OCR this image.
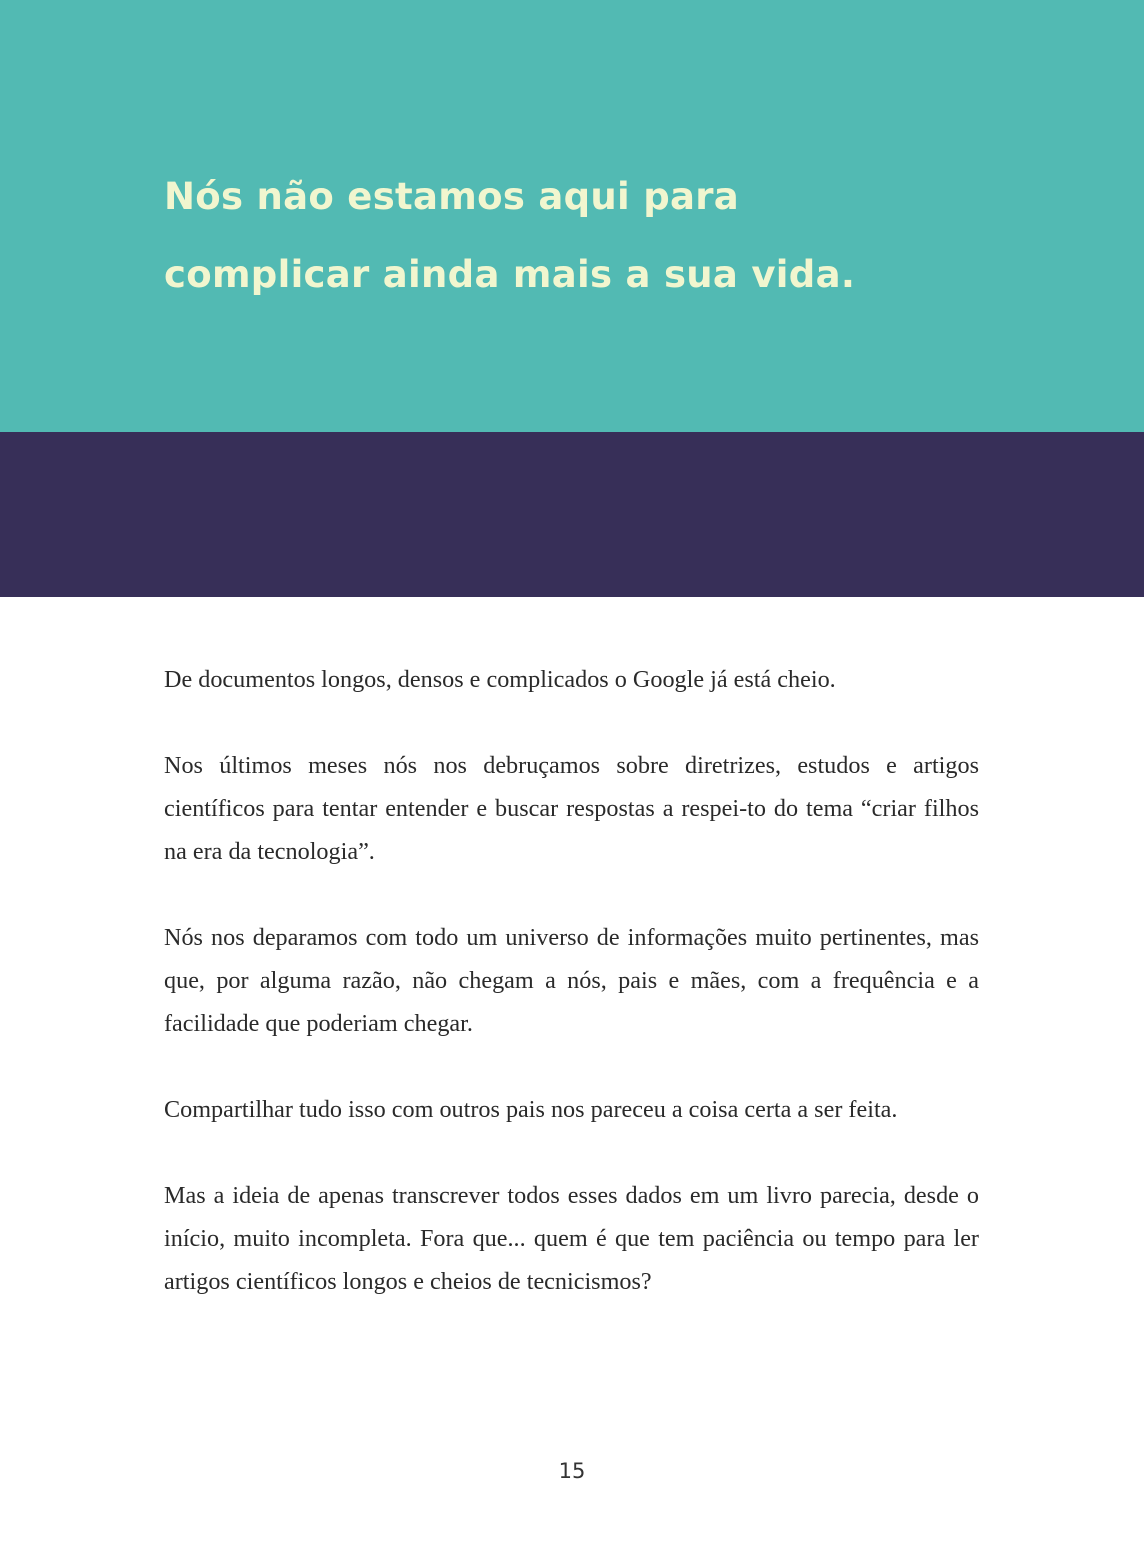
Nós não estamos aqui para
complicar ainda mais a sua vida.

De documentos longos, densos e complicados o Google já está cheio.

Nos últimos meses nós nos debruçamos sobre diretrizes, estudos e artigos científicos para tentar entender e buscar respostas a respei-to do tema “criar filhos na era da tecnologia”.

Nós nos deparamos com todo um universo de informações muito pertinentes, mas que, por alguma razão, não chegam a nós, pais e mães, com a frequência e a facilidade que poderiam chegar.

Compartilhar tudo isso com outros pais nos pareceu a coisa certa a ser feita.

Mas a ideia de apenas transcrever todos esses dados em um livro parecia, desde o início, muito incompleta. Fora que... quem é que tem paciência ou tempo para ler artigos científicos longos e cheios de tecnicismos?

15
